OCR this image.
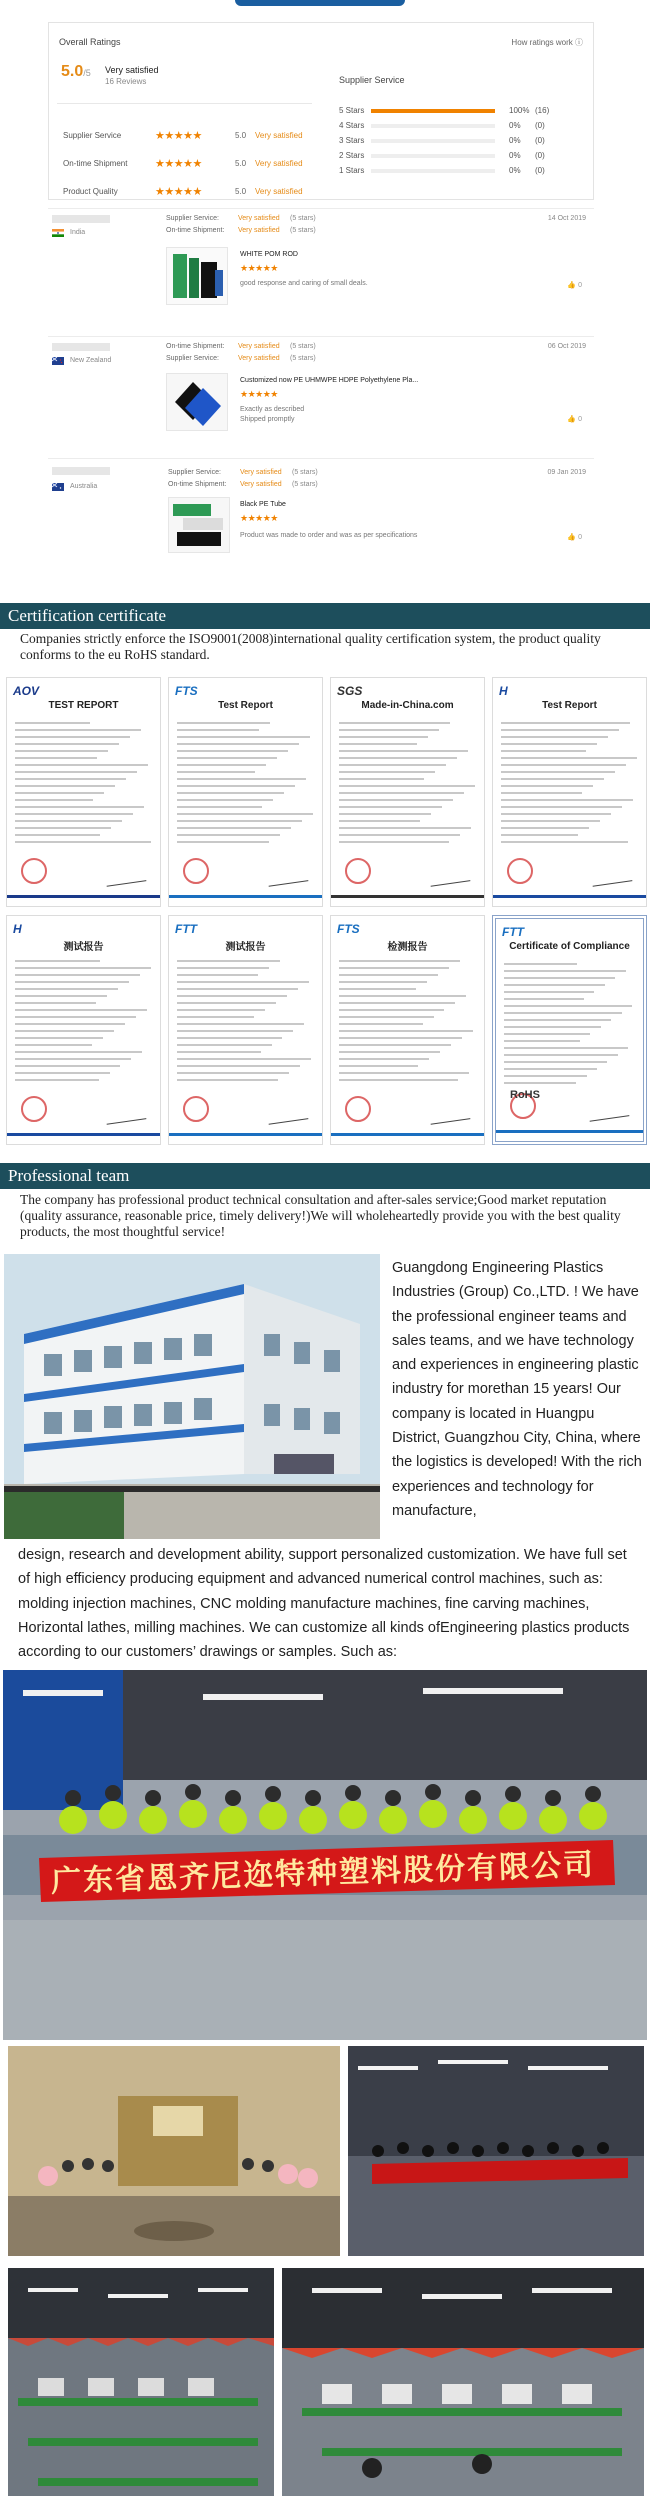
Overall Ratings	How ratings work ⓘ
5.0/5 Very satisfied
16 Reviews
Supplier Service	★★★★★	5.0 Very satisfied
On-time Shipment	★★★★★	5.0 Very satisfied
Product Quality	★★★★★	5.0 Very satisfied
Supplier Service
5 Stars	100% (16)
4 Stars	0% (0)
3 Stars	0% (0)
2 Stars	0% (0)
1 Stars	0% (0)
India
Supplier Service:	Very satisfied (5 stars)
On-time Shipment: Very satisfied (5 stars)
14 Oct 2019
WHITE POM ROD
★★★★★
good response and caring of small deals.	👍 0
New Zealand
On-time Shipment: Very satisfied (5 stars)
Supplier Service:	Very satisfied (5 stars)
06 Oct 2019
Customized now PE UHMWPE HDPE Polyethylene Pla...
★★★★★
Exactly as described
Shipped promptly	👍 0
Australia
Supplier Service:	Very satisfied (5 stars)
On-time Shipment: Very satisfied (5 stars)
09 Jan 2019
Black PE Tube
★★★★★
Product was made to order and was as per specifications	👍 0
Certification certificate
Companies strictly enforce the ISO9001(2008)international quality certification system, the product quality conforms to the eu RoHS standard.
AOV
TEST REPORT
FTS
Test Report
SGS
Made-in-China.com
H
Test Report
H
测试报告
FTT
测试报告
FTS
检测报告
FTT
Certificate of Compliance
RoHS
Professional team
The company has professional product technical consultation and after-sales service;Good market reputation (quality assurance, reasonable price, timely delivery!)We will wholeheartedly provide you with the best quality products, the most thoughtful service!
Guangdong Engineering Plastics Industries (Group) Co.,LTD. ! We have the professional engineer teams and sales teams, and we have technology and experiences in engineering plastic industry for morethan 15 years! Our company is located in Huangpu District, Guangzhou City, China, where the logistics is developed! With the rich experiences and technology for manufacture,
design, research and development ability, support personalized customization. We have full set of high efficiency producing equipment and advanced numerical control machines, such as: molding injection machines, CNC molding manufacture machines, fine carving machines, Horizontal lathes, milling machines. We can customize all kinds ofEngineering plastics products according to our customers’ drawings or samples. Such as:
广东省恩齐尼迩特种塑料股份有限公司
